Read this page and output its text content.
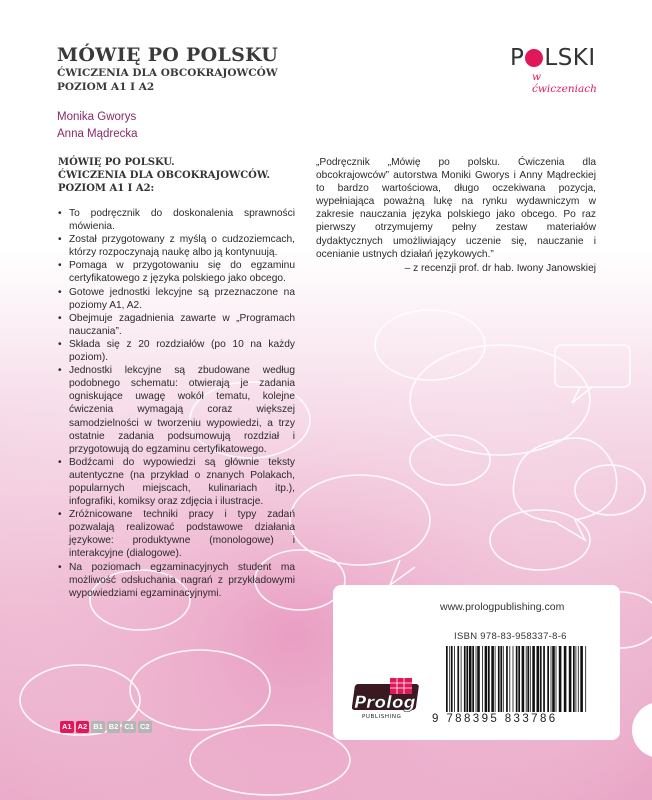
MÓWIĘ PO POLSKU
ĆWICZENIA DLA OBCOKRAJOWCÓW
POZIOM A1 I A2
Monika Gworys
Anna Mądrecka
P LSKI
w ćwiczeniach
MÓWIĘ PO POLSKU.
ĆWICZENIA DLA OBCOKRAJOWCÓW.
POZIOM A1 I A2:
• To podręcznik do doskonalenia sprawności mówienia.
• Został przygotowany z myślą o cudzoziemcach, którzy rozpoczynają naukę albo ją kontynuują.
• Pomaga w przygotowaniu się do egzaminu certyfikatowego z języka polskiego jako obcego.
• Gotowe jednostki lekcyjne są przeznaczone na poziomy A1, A2.
• Obejmuje zagadnienia zawarte w „Programach nauczania”.
• Składa się z 20 rozdziałów (po 10 na każdy poziom).
• Jednostki lekcyjne są zbudowane według podobnego schematu: otwierają je zadania ogniskujące uwagę wokół tematu, kolejne ćwiczenia wymagają coraz większej samodzielności w tworzeniu wypowiedzi, a trzy ostatnie zadania podsumowują rozdział i przygotowują do egzaminu certyfikatowego.
• Bodźcami do wypowiedzi są głównie teksty autentyczne (na przykład o znanych Polakach, popularnych miejscach, kulinariach itp.), infografiki, komiksy oraz zdjęcia i ilustracje.
• Zróżnicowane techniki pracy i typy zadań pozwalają realizować podstawowe działania językowe: produktywne (monologowe) i interakcyjne (dialogowe).
• Na poziomach egzaminacyjnych student ma możliwość odsłuchania nagrań z przykładowymi wypowiedziami egzaminacyjnymi.
„Podręcznik „Mówię po polsku. Ćwiczenia dla obcokrajowców” autorstwa Moniki Gworys i Anny Mądreckiej to bardzo wartościowa, długo oczekiwana pozycja, wypełniająca poważną lukę na rynku wydawniczym w zakresie nauczania języka polskiego jako obcego. Po raz pierwszy otrzymujemy pełny zestaw materiałów dydaktycznych umożliwiający uczenie się, nauczanie i ocenianie ustnych działań językowych.”
– z recenzji prof. dr hab. Iwony Janowskiej
www.prologpublishing.com
ISBN 978-83-958337-8-6
9 788395 833786
Prolog
PUBLISHING
A1 A2 B1 B2 C1 C2
